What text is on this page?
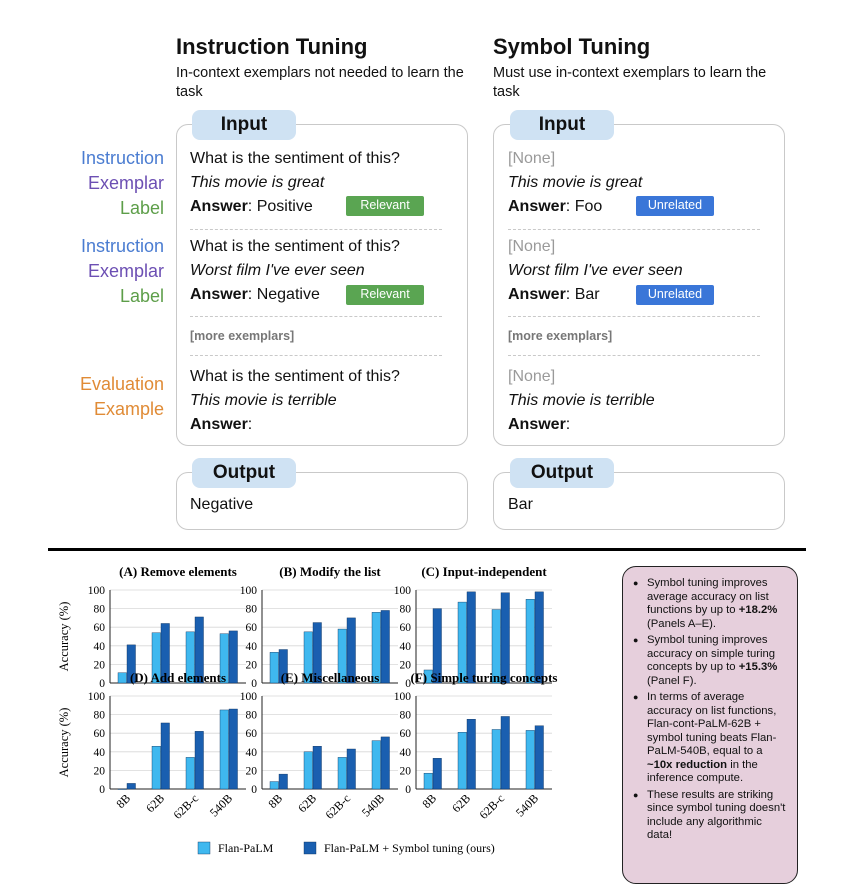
Instruction
Exemplar
Label
Instruction
Exemplar
Label
Evaluation
Example
Instruction Tuning
In-context exemplars not needed to learn the task
Input
What is the sentiment of this?
This movie is great
Answer: Positive	Relevant
What is the sentiment of this?
Worst film I've ever seen
Answer: Negative	Relevant
[more exemplars]
What is the sentiment of this?
This movie is terrible
Answer:
Output
Negative
Symbol Tuning
Must use in-context exemplars to learn the task
Input
[None]
This movie is great
Answer: Foo	Unrelated
[None]
Worst film I've ever seen
Answer: Bar	Unrelated
[more exemplars]
[None]
This movie is terrible
Answer:
Output
Bar
(A) Remove elements
0
20
40
60
80
100
Accuracy (%)
(B) Modify the list
0
20
40
60
80
100
(C) Input-independent
0
20
40
60
80
100
(D) Add elements
0
20
40
60
80
100
Accuracy (%)
8B 62B 62B-c 540B
(E) Miscellaneous
0
20
40
60
80
100
8B 62B 62B-c 540B
(F) Simple turing concepts
0
20
40
60
80
100
8B 62B 62B-c 540B
Flan-PaLM	Flan-PaLM + Symbol tuning (ours)
● Symbol tuning improves average accuracy on list functions by up to +18.2% (Panels A–E).
● Symbol tuning improves accuracy on simple turing concepts by up to +15.3% (Panel F).
● In terms of average accuracy on list functions, Flan-cont-PaLM-62B + symbol tuning beats Flan-PaLM-540B, equal to a ~10x reduction in the inference compute.
● These results are striking since symbol tuning doesn't include any algorithmic data!
